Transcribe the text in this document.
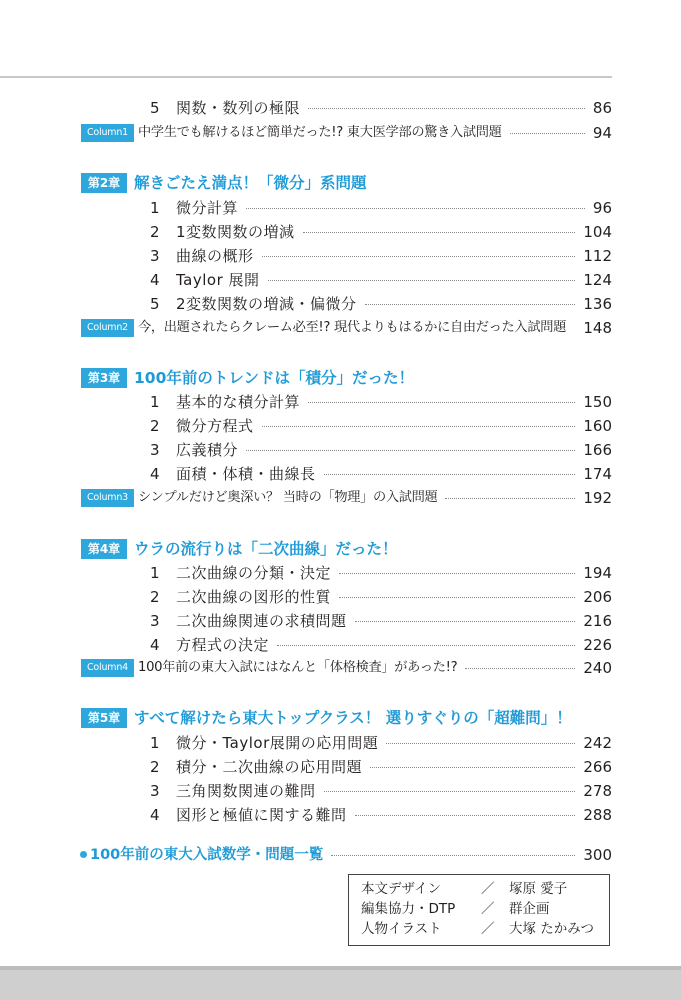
5 関数・数列の極限	86
Column1 中学生でも解けるほど簡単だった!? 東大医学部の驚き入試問題	94
第2章 解きごたえ満点！「微分」系問題
1 微分計算	96
2 1変数関数の増減	104
3 曲線の概形	112
4 Taylor 展開	124
5 2変数関数の増減・偏微分	136
Column2 今，出題されたらクレーム必至!? 現代よりもはるかに自由だった入試問題 148
第3章 100年前のトレンドは「積分」だった！
1 基本的な積分計算	150
2 微分方程式	160
3 広義積分	166
4 面積・体積・曲線長	174
Column3 シンプルだけど奥深い？ 当時の「物理」の入試問題	192
第4章 ウラの流行りは「二次曲線」だった！
1 二次曲線の分類・決定	194
2 二次曲線の図形的性質	206
3 二次曲線関連の求積問題	216
4 方程式の決定	226
Column4 100年前の東大入試にはなんと「体格検査」があった!?	240
第5章 すべて解けたら東大トップクラス！ 選りすぐりの「超難問」！
1 微分・Taylor展開の応用問題	242
2 積分・二次曲線の応用問題	266
3 三角関数関連の難問	278
4 図形と極値に関する難問	288
100年前の東大入試数学・問題一覧	300
本文デザイン	／ 塚原 愛子
編集協力・DTP ／ 群企画
人物イラスト	／ 大塚 たかみつ
